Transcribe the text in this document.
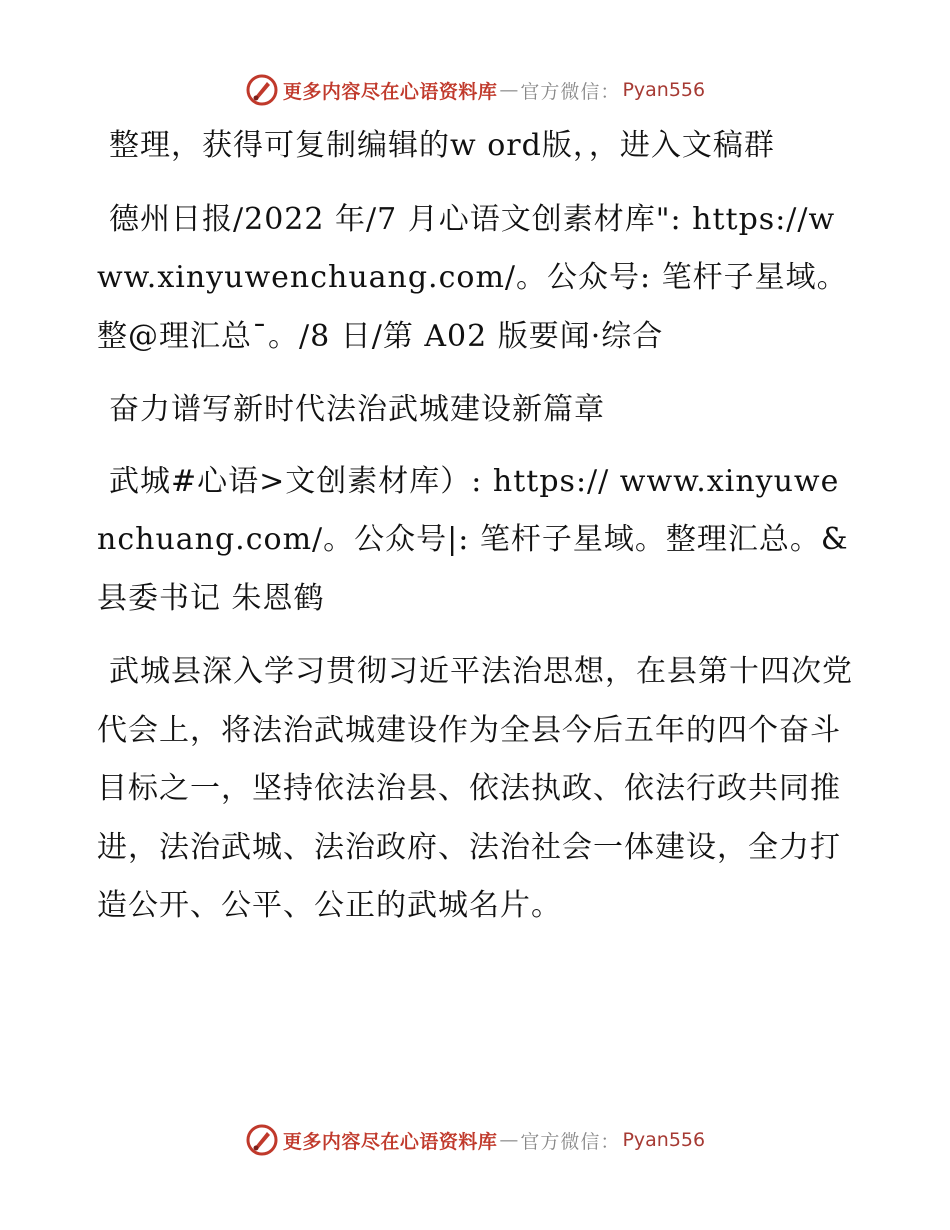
更多内容尽在心语资料库 — 官方微信： Pyan556

整理，获得可复制编辑的w ord版，，进入文稿群

德州日报/2022 年/7 月心语文创素材库": https://www.xinyuwenchuang.com/。公众号: 笔杆子星域。整@理汇总¯。/8 日/第 A02 版要闻·综合

奋力谱写新时代法治武城建设新篇章

武城#心语>文创素材库）: https:// www.xinyuwenchuang.com/。公众号|: 笔杆子星域。整理汇总。&县委书记 朱恩鹤

武城县深入学习贯彻习近平法治思想，在县第十四次党代会上，将法治武城建设作为全县今后五年的四个奋斗目标之一，坚持依法治县、依法执政、依法行政共同推进，法治武城、法治政府、法治社会一体建设，全力打造公开、公平、公正的武城名片。

更多内容尽在心语资料库 — 官方微信： Pyan556
